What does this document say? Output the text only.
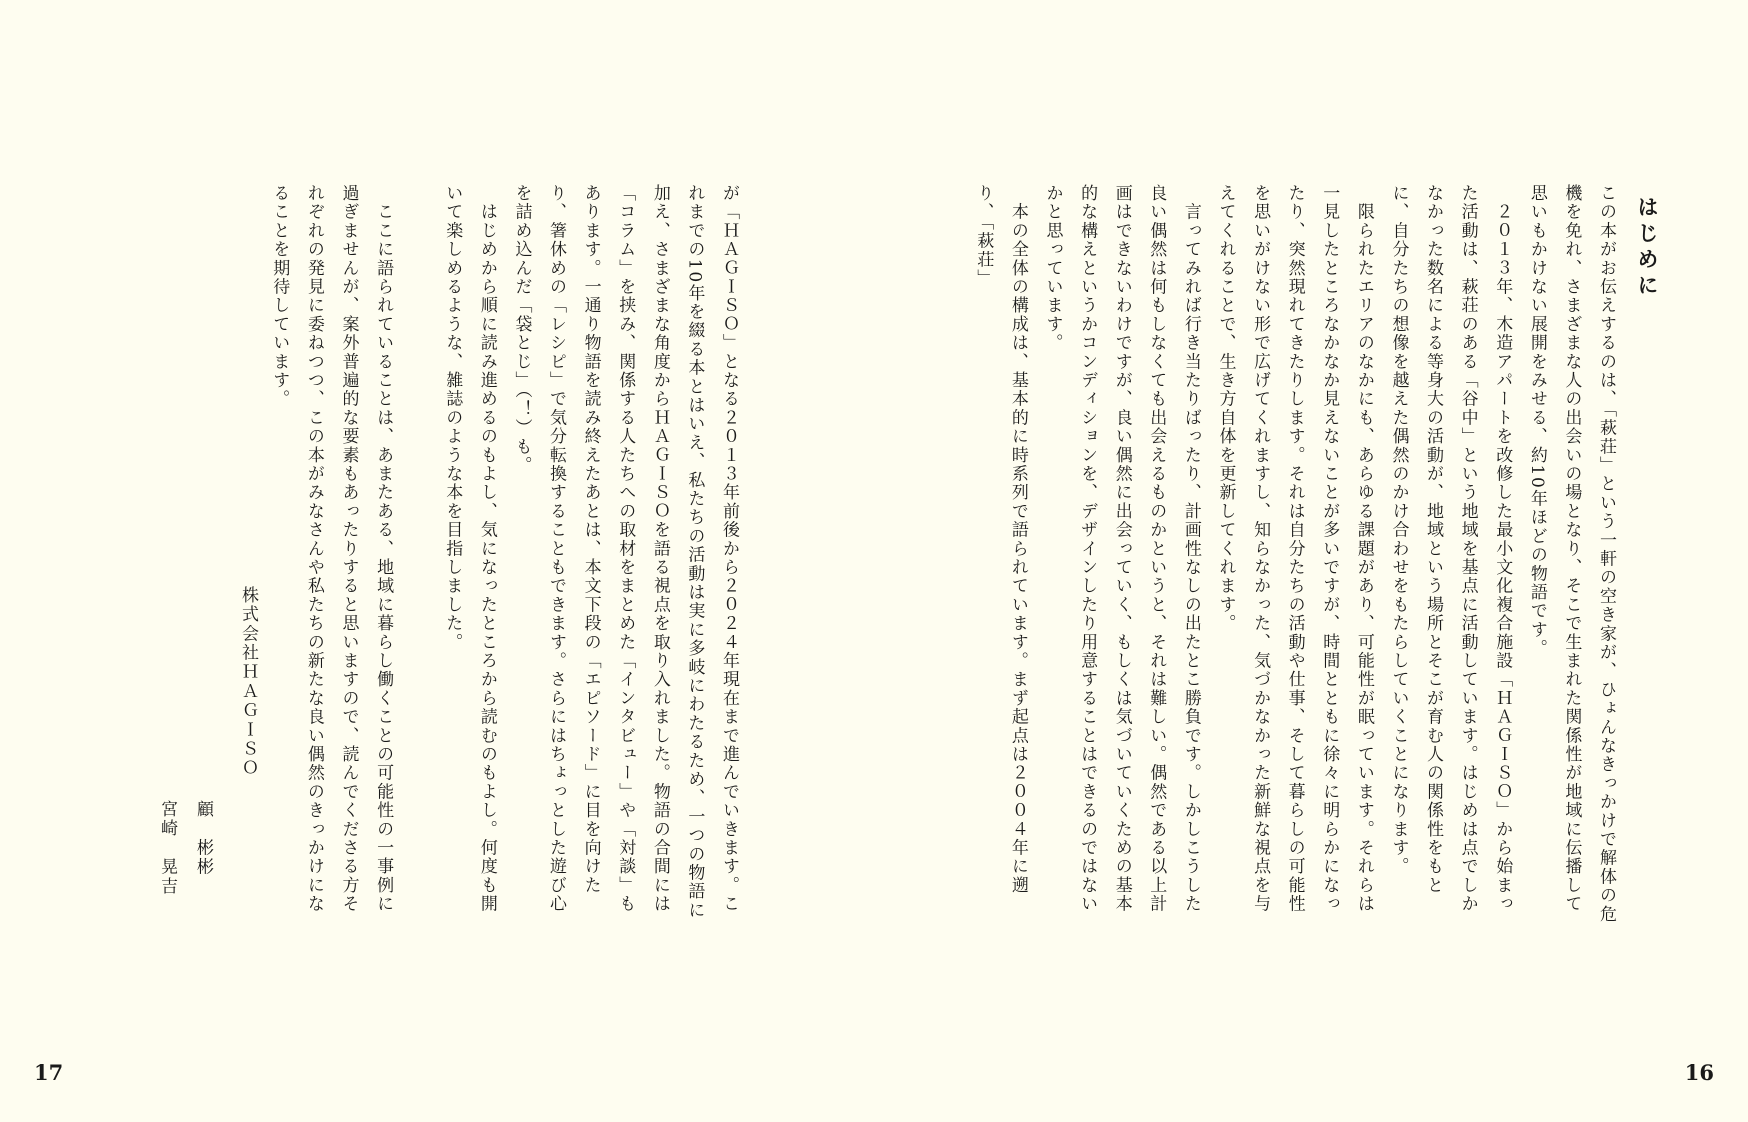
はじめに
この本がお伝えするのは、「萩荘」という一軒の空き家が、ひょんなきっかけで解体の危機を免れ、さまざまな人の出会いの場となり、そこで生まれた関係性が地域に伝播して思いもかけない展開をみせる、約10年ほどの物語です。
　２０１３年、木造アパートを改修した最小文化複合施設「ＨＡＧＩＳＯ」から始まった活動は、萩荘のある「谷中」という地域を基点に活動しています。はじめは点でしかなかった数名による等身大の活動が、地域という場所とそこが育む人の関係性をもとに、自分たちの想像を越えた偶然のかけ合わせをもたらしていくことになります。
　限られたエリアのなかにも、あらゆる課題があり、可能性が眠っています。それらは一見したところなかなか見えないことが多いですが、時間とともに徐々に明らかになったり、突然現れてきたりします。それは自分たちの活動や仕事、そして暮らしの可能性を思いがけない形で広げてくれますし、知らなかった、気づかなかった新鮮な視点を与えてくれることで、生き方自体を更新してくれます。
　言ってみれば行き当たりばったり、計画性なしの出たとこ勝負です。しかしこうした良い偶然は何もしなくても出会えるものかというと、それは難しい。偶然である以上計画はできないわけですが、良い偶然に出会っていく、もしくは気づいていくための基本的な構えというかコンディションを、デザインしたり用意することはできるのではないかと思っています。
　本の全体の構成は、基本的に時系列で語られています。まず起点は２００４年に遡り、「萩荘」
が「ＨＡＧＩＳＯ」となる２０１３年前後から２０２４年現在まで進んでいきます。これまでの10年を綴る本とはいえ、私たちの活動は実に多岐にわたるため、一つの物語に加え、さまざまな角度からＨＡＧＩＳＯを語る視点を取り入れました。物語の合間には「コラム」を挟み、関係する人たちへの取材をまとめた「インタビュー」や「対談」もあります。一通り物語を読み終えたあとは、本文下段の「エピソード」に目を向けたり、箸休めの「レシピ」で気分転換することもできます。さらにはちょっとした遊び心を詰め込んだ「袋とじ」（！）も。
　はじめから順に読み進めるのもよし、気になったところから読むのもよし。何度も開いて楽しめるような、雑誌のような本を目指しました。

　ここに語られていることは、あまたある、地域に暮らし働くことの可能性の一事例に過ぎませんが、案外普遍的な要素もあったりすると思いますので、読んでくださる方それぞれの発見に委ねつつ、この本がみなさんや私たちの新たな良い偶然のきっかけになることを期待しています。
株式会社ＨＡＧＩＳＯ
顧　彬彬
宮崎　晃吉
17	16
